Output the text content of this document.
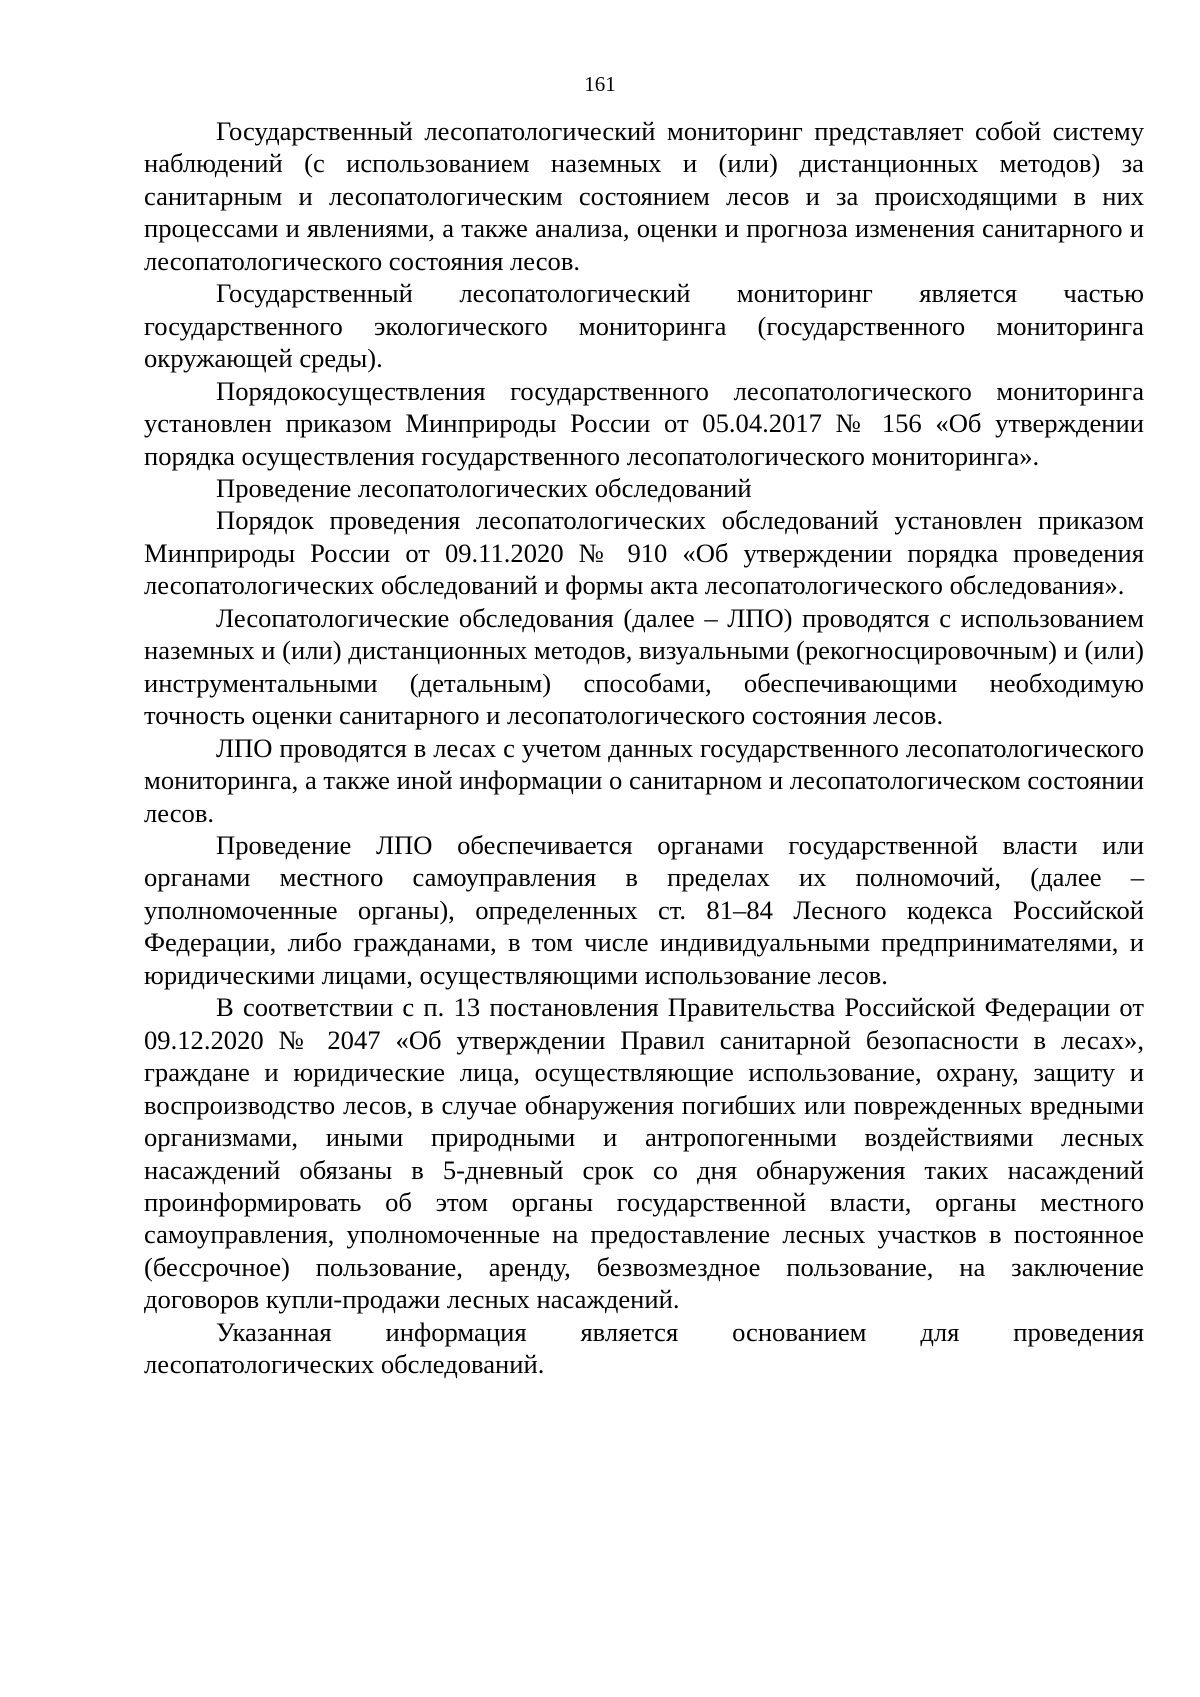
161

Государственный лесопатологический мониторинг представляет собой систему наблюдений (с использованием наземных и (или) дистанционных методов) за санитарным и лесопатологическим состоянием лесов и за происходящими в них процессами и явлениями, а также анализа, оценки и прогноза изменения санитарного и лесопатологического состояния лесов.

Государственный лесопатологический мониторинг является частью государственного экологического мониторинга (государственного мониторинга окружающей среды).

Порядокосуществления государственного лесопатологического мониторинга установлен приказом Минприроды России от 05.04.2017 № 156 «Об утверждении порядка осуществления государственного лесопатологического мониторинга».

Проведение лесопатологических обследований

Порядок проведения лесопатологических обследований установлен приказом Минприроды России от 09.11.2020 № 910 «Об утверждении порядка проведения лесопатологических обследований и формы акта лесопатологического обследования».

Лесопатологические обследования (далее – ЛПО) проводятся с использованием наземных и (или) дистанционных методов, визуальными (рекогносцировочным) и (или) инструментальными (детальным) способами, обеспечивающими необходимую точность оценки санитарного и лесопатологического состояния лесов.

ЛПО проводятся в лесах с учетом данных государственного лесопатологического мониторинга, а также иной информации о санитарном и лесопатологическом состоянии лесов.

Проведение ЛПО обеспечивается органами государственной власти или органами местного самоуправления в пределах их полномочий, (далее – уполномоченные органы), определенных ст. 81–84 Лесного кодекса Российской Федерации, либо гражданами, в том числе индивидуальными предпринимателями, и юридическими лицами, осуществляющими использование лесов.

В соответствии с п. 13 постановления Правительства Российской Федерации от 09.12.2020 № 2047 «Об утверждении Правил санитарной безопасности в лесах», граждане и юридические лица, осуществляющие использование, охрану, защиту и воспроизводство лесов, в случае обнаружения погибших или поврежденных вредными организмами, иными природными и антропогенными воздействиями лесных насаждений обязаны в 5-дневный срок со дня обнаружения таких насаждений проинформировать об этом органы государственной власти, органы местного самоуправления, уполномоченные на предоставление лесных участков в постоянное (бессрочное) пользование, аренду, безвозмездное пользование, на заключение договоров купли-продажи лесных насаждений.

Указанная информация является основанием для проведения лесопатологических обследований.
